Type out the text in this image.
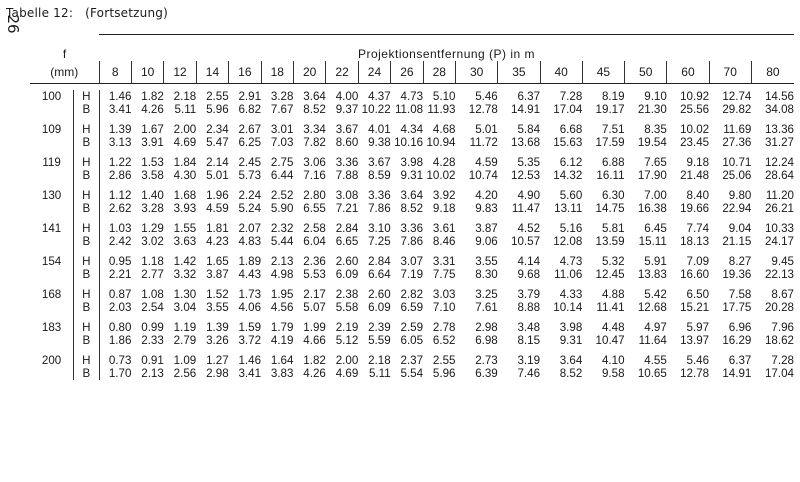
26
Tabelle 12: (Fortsetzung)
f		Projektionsentfernung (P) in m																		
(mm)		8	10	12	14	16	18	20	22	24	26	28	30	35	40	45	50	60	70	80

100	H	1.46	1.82	2.18	2.55	2.91	3.28	3.64	4.00	4.37	4.73	5.10	5.46	6.37	7.28	8.19	9.10	10.92	12.74	14.56
	B	3.41	4.26	5.11	5.96	6.82	7.67	8.52	9.37	10.22	11.08	11.93	12.78	14.91	17.04	19.17	21.30	25.56	29.82	34.08

109	H	1.39	1.67	2.00	2.34	2.67	3.01	3.34	3.67	4.01	4.34	4.68	5.01	5.84	6.68	7.51	8.35	10.02	11.69	13.36
	B	3.13	3.91	4.69	5.47	6.25	7.03	7.82	8.60	9.38	10.16	10.94	11.72	13.68	15.63	17.59	19.54	23.45	27.36	31.27

119	H	1.22	1.53	1.84	2.14	2.45	2.75	3.06	3.36	3.67	3.98	4.28	4.59	5.35	6.12	6.88	7.65	9.18	10.71	12.24
	B	2.86	3.58	4.30	5.01	5.73	6.44	7.16	7.88	8.59	9.31	10.02	10.74	12.53	14.32	16.11	17.90	21.48	25.06	28.64

130	H	1.12	1.40	1.68	1.96	2.24	2.52	2.80	3.08	3.36	3.64	3.92	4.20	4.90	5.60	6.30	7.00	8.40	9.80	11.20
	B	2.62	3.28	3.93	4.59	5.24	5.90	6.55	7.21	7.86	8.52	9.18	9.83	11.47	13.11	14.75	16.38	19.66	22.94	26.21

141	H	1.03	1.29	1.55	1.81	2.07	2.32	2.58	2.84	3.10	3.36	3.61	3.87	4.52	5.16	5.81	6.45	7.74	9.04	10.33
	B	2.42	3.02	3.63	4.23	4.83	5.44	6.04	6.65	7.25	7.86	8.46	9.06	10.57	12.08	13.59	15.11	18.13	21.15	24.17

154	H	0.95	1.18	1.42	1.65	1.89	2.13	2.36	2.60	2.84	3.07	3.31	3.55	4.14	4.73	5.32	5.91	7.09	8.27	9.45
	B	2.21	2.77	3.32	3.87	4.43	4.98	5.53	6.09	6.64	7.19	7.75	8.30	9.68	11.06	12.45	13.83	16.60	19.36	22.13

168	H	0.87	1.08	1.30	1.52	1.73	1.95	2.17	2.38	2.60	2.82	3.03	3.25	3.79	4.33	4.88	5.42	6.50	7.58	8.67
	B	2.03	2.54	3.04	3.55	4.06	4.56	5.07	5.58	6.09	6.59	7.10	7.61	8.88	10.14	11.41	12.68	15.21	17.75	20.28

183	H	0.80	0.99	1.19	1.39	1.59	1.79	1.99	2.19	2.39	2.59	2.78	2.98	3.48	3.98	4.48	4.97	5.97	6.96	7.96
	B	1.86	2.33	2.79	3.26	3.72	4.19	4.66	5.12	5.59	6.05	6.52	6.98	8.15	9.31	10.47	11.64	13.97	16.29	18.62

200	H	0.73	0.91	1.09	1.27	1.46	1.64	1.82	2.00	2.18	2.37	2.55	2.73	3.19	3.64	4.10	4.55	5.46	6.37	7.28
	B	1.70	2.13	2.56	2.98	3.41	3.83	4.26	4.69	5.11	5.54	5.96	6.39	7.46	8.52	9.58	10.65	12.78	14.91	17.04
